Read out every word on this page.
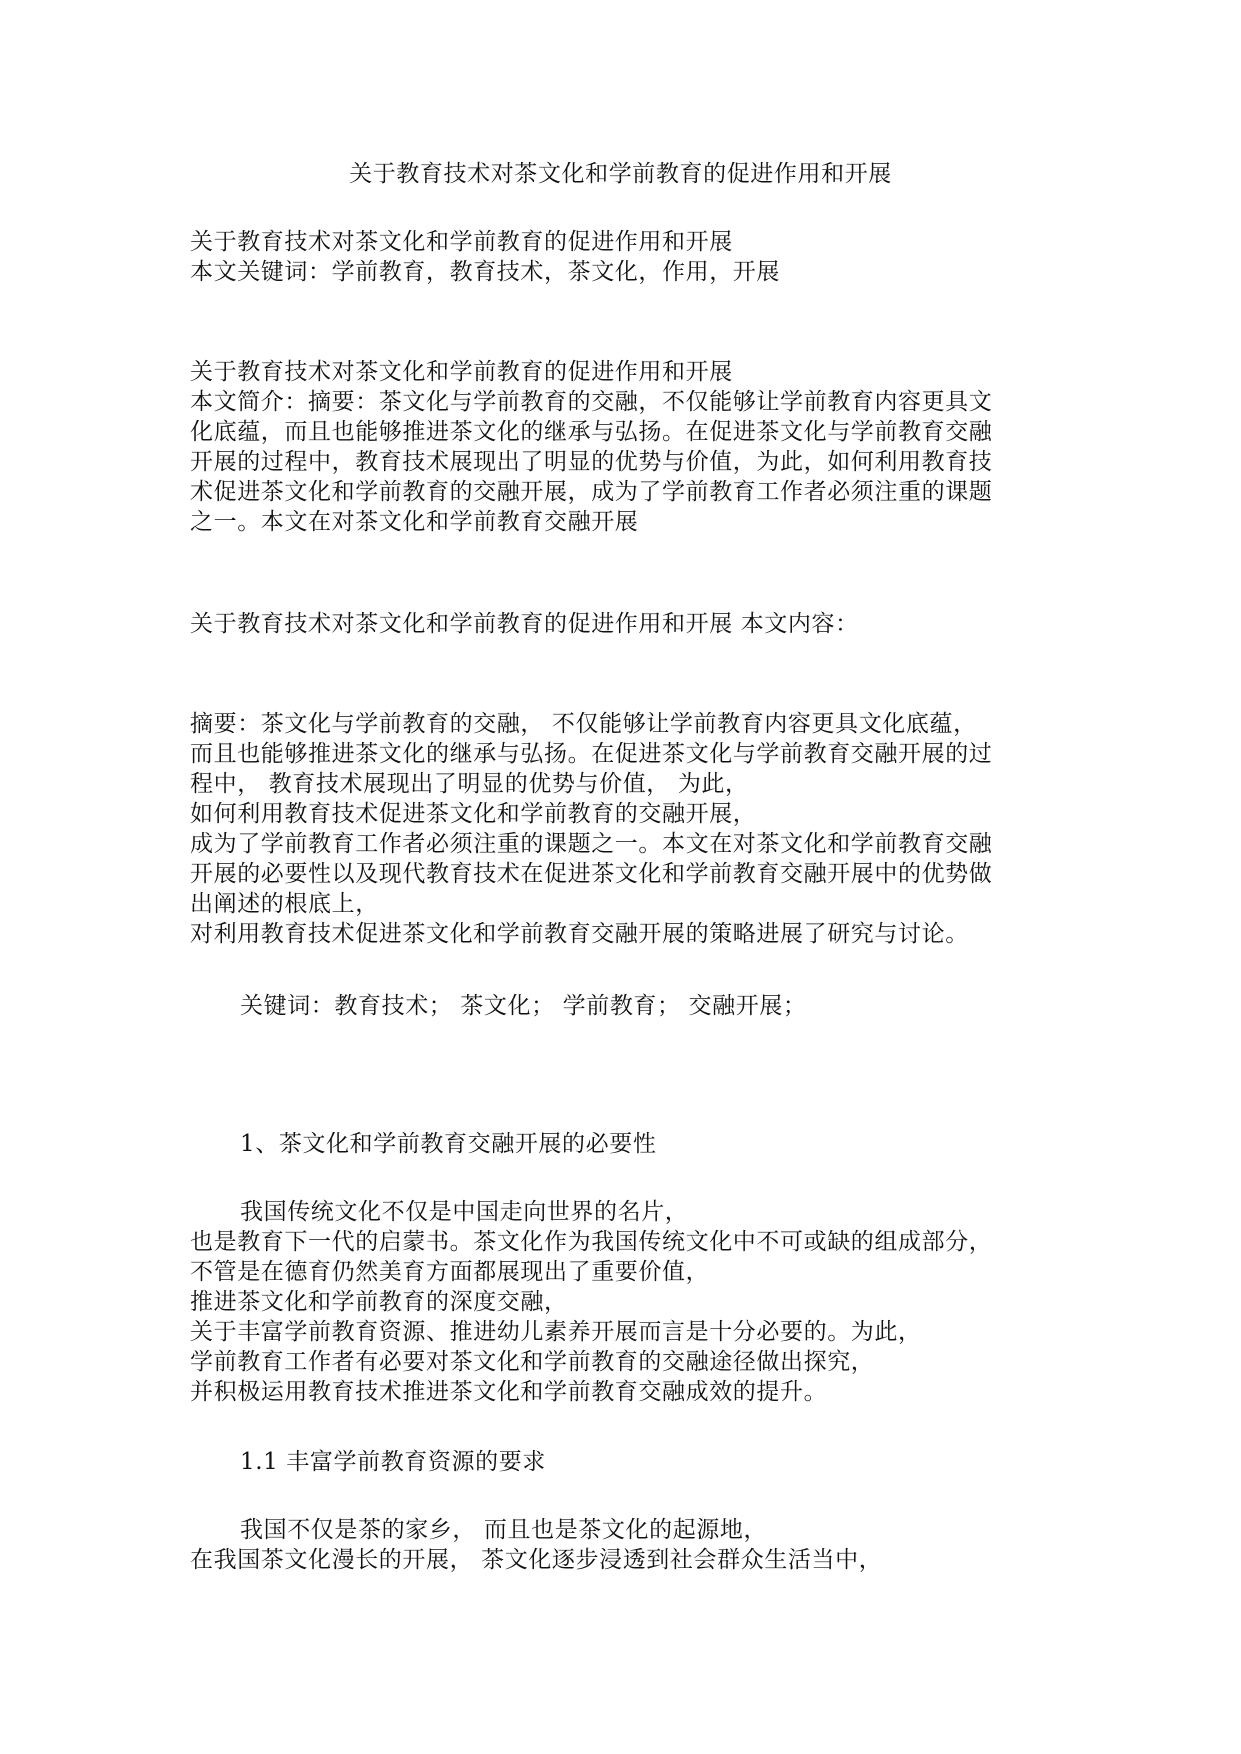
关于教育技术对茶文化和学前教育的促进作用和开展
关于教育技术对茶文化和学前教育的促进作用和开展
本文关键词：学前教育，教育技术，茶文化，作用，开展
关于教育技术对茶文化和学前教育的促进作用和开展
本文简介：摘要：茶文化与学前教育的交融，不仅能够让学前教育内容更具文
化底蕴，而且也能够推进茶文化的继承与弘扬。在促进茶文化与学前教育交融
开展的过程中，教育技术展现出了明显的优势与价值，为此，如何利用教育技
术促进茶文化和学前教育的交融开展，成为了学前教育工作者必须注重的课题
之一。本文在对茶文化和学前教育交融开展
关于教育技术对茶文化和学前教育的促进作用和开展 本文内容：
摘要：茶文化与学前教育的交融， 不仅能够让学前教育内容更具文化底蕴，
而且也能够推进茶文化的继承与弘扬。在促进茶文化与学前教育交融开展的过
程中， 教育技术展现出了明显的优势与价值， 为此，
如何利用教育技术促进茶文化和学前教育的交融开展，
成为了学前教育工作者必须注重的课题之一。本文在对茶文化和学前教育交融
开展的必要性以及现代教育技术在促进茶文化和学前教育交融开展中的优势做
出阐述的根底上，
对利用教育技术促进茶文化和学前教育交融开展的策略进展了研究与讨论。
关键词：教育技术； 茶文化； 学前教育； 交融开展；
1、茶文化和学前教育交融开展的必要性
我国传统文化不仅是中国走向世界的名片，
也是教育下一代的启蒙书。茶文化作为我国传统文化中不可或缺的组成部分，
不管是在德育仍然美育方面都展现出了重要价值，
推进茶文化和学前教育的深度交融，
关于丰富学前教育资源、推进幼儿素养开展而言是十分必要的。为此，
学前教育工作者有必要对茶文化和学前教育的交融途径做出探究，
并积极运用教育技术推进茶文化和学前教育交融成效的提升。
1.1 丰富学前教育资源的要求
我国不仅是茶的家乡， 而且也是茶文化的起源地，
在我国茶文化漫长的开展， 茶文化逐步浸透到社会群众生活当中，
